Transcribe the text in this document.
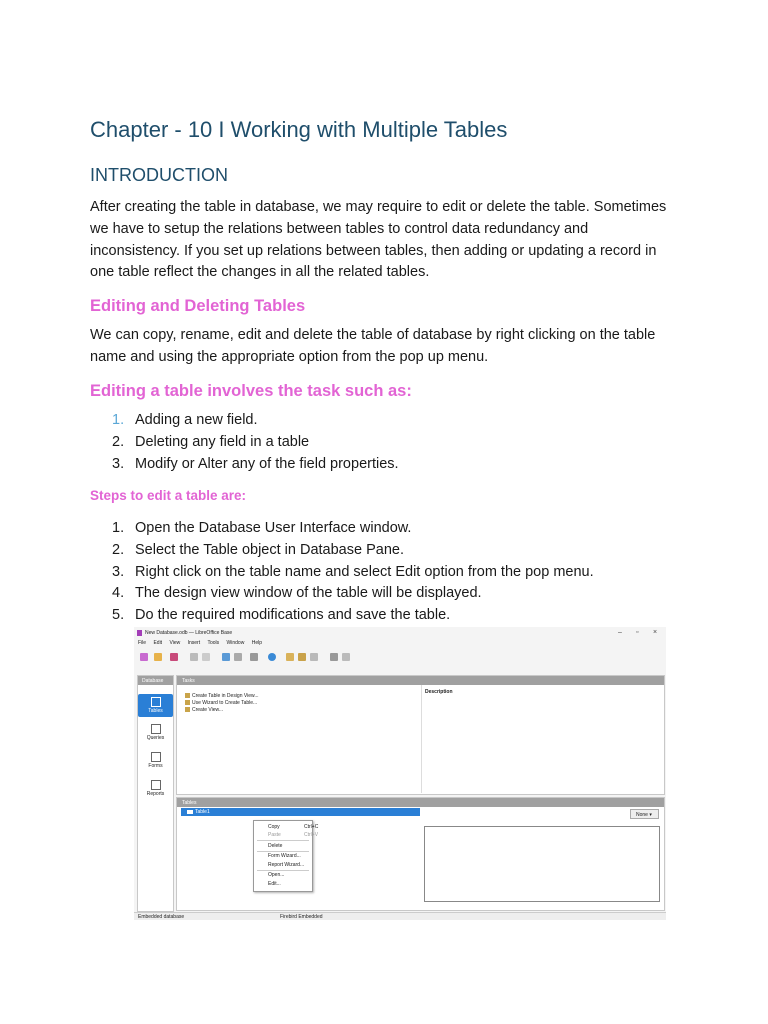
Chapter - 10 I Working with Multiple Tables
INTRODUCTION
After creating the table in database, we may require to edit or delete the table. Sometimes we have to setup the relations between tables to control data redundancy and inconsistency. If you set up relations between tables, then adding or updating a record in one table reflect the changes in all the related tables.
Editing and Deleting Tables
We can copy, rename, edit and delete the table of database by right clicking on the table name and using the appropriate option from the pop up menu.
Editing a table involves the task such as:
1. Adding a new field.
2. Deleting any field in a table
3. Modify or Alter any of the field properties.
Steps to edit a table are:
1. Open the Database User Interface window.
2. Select the Table object in Database Pane.
3. Right click on the table name and select Edit option from the pop menu.
4. The design view window of the table will be displayed.
5. Do the required modifications and save the table.
New Database.odb — LibreOffice Base	– ▫ ×
File Edit View Insert Tools Window Help
Database
Tables
Queries
Forms
Reports
Tasks
Create Table in Design View...
Use Wizard to Create Table...
Create View...
Description
Tables
Table1	None ▾
Embedded database	Firebird Embedded
Copy	Ctrl+C
Paste	Ctrl+V
Delete
Form Wizard...
Report Wizard...
Open...
Edit...
